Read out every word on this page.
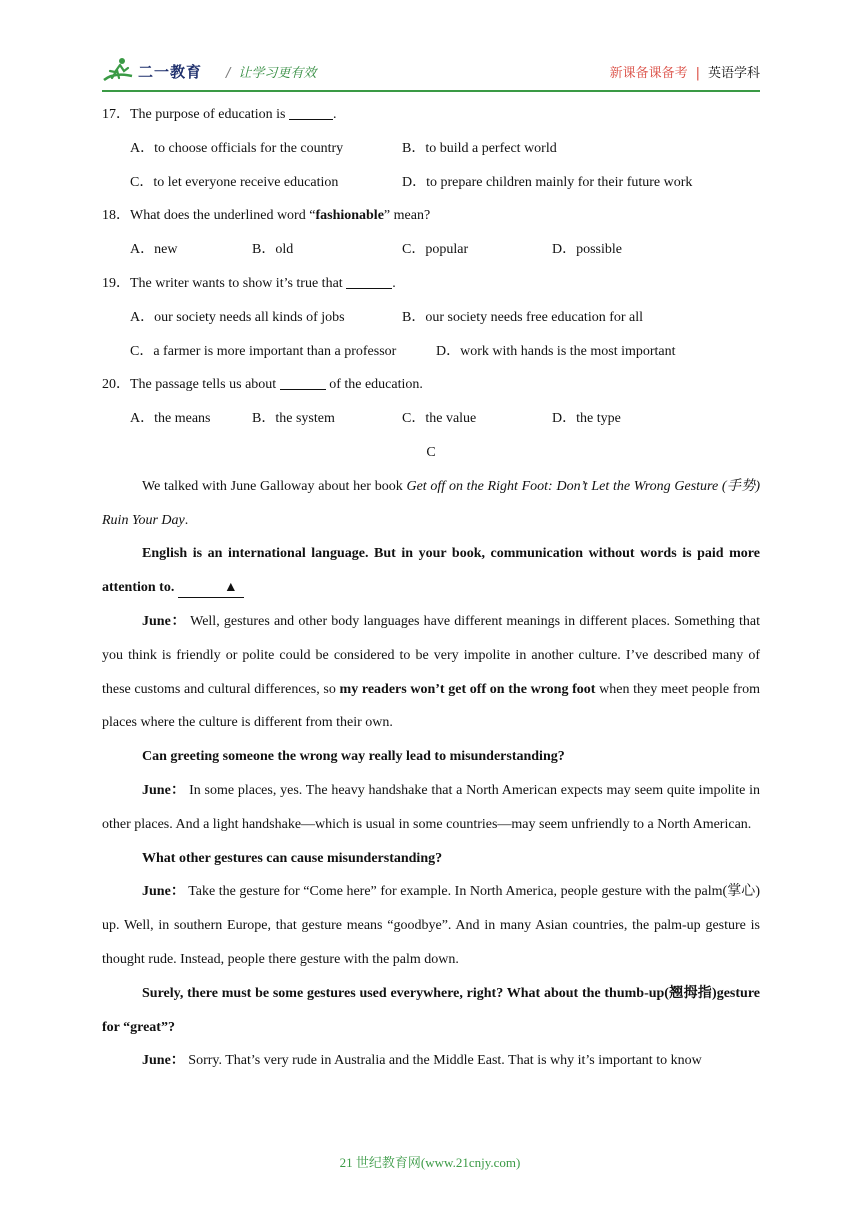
二一教育 / 让学习更有效	新课备课备考 | 英语学科
17．The purpose of education is	.
A．to choose officials for the country	B．to build a perfect world
C．to let everyone receive education	D．to prepare children mainly for their future work
18．What does the underlined word “fashionable” mean?
A．new	B．old	C．popular	D．possible
19．The writer wants to show it’s true that	.
A．our society needs all kinds of jobs	B．our society needs free education for all
C．a farmer is more important than a professor	D．work with hands is the most important
20．The passage tells us about	of the education.
A．the means	B．the system	C．the value	D．the type
C
We talked with June Galloway about her book Get off on the Right Foot: Don’t Let the Wrong Gesture (手势) Ruin Your Day.
English is an international language. But in your book, communication without words is paid more attention to.	▲
June： Well, gestures and other body languages have different meanings in different places. Something that you think is friendly or polite could be considered to be very impolite in another culture. I’ve described many of these customs and cultural differences, so my readers won’t get off on the wrong foot when they meet people from places where the culture is different from their own.
Can greeting someone the wrong way really lead to misunderstanding?
June： In some places, yes. The heavy handshake that a North American expects may seem quite impolite in other places. And a light handshake—which is usual in some countries—may seem unfriendly to a North American.
What other gestures can cause misunderstanding?
June： Take the gesture for “Come here” for example. In North America, people gesture with the palm(掌心) up. Well, in southern Europe, that gesture means “goodbye”. And in many Asian countries, the palm-up gesture is thought rude. Instead, people there gesture with the palm down.
Surely, there must be some gestures used everywhere, right? What about the thumb-up(翘拇指)gesture for “great”?
June： Sorry. That’s very rude in Australia and the Middle East. That is why it’s important to know
21 世纪教育网(www.21cnjy.com)
